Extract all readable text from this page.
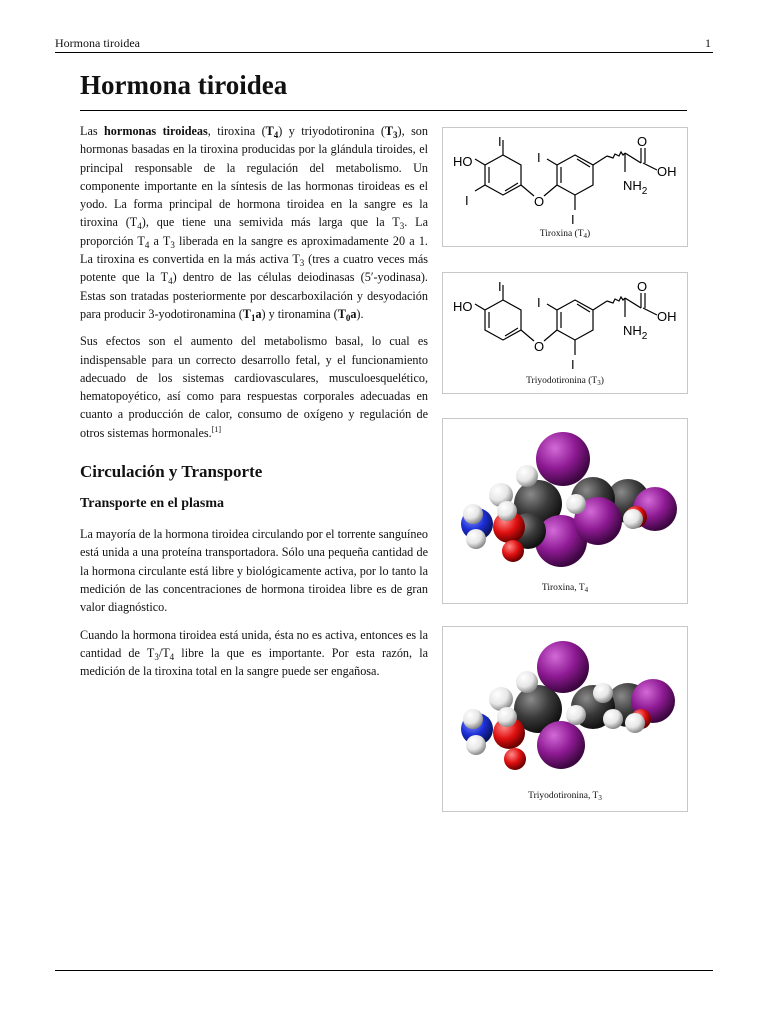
Hormona tiroidea	1
Hormona tiroidea

Las hormonas tiroideas, tiroxina $(T_4)$ y triyodotironina $(T_3)$, son hormonas basadas en la tiroxina producidas por la glándula tiroides, el principal responsable de la regulación del metabolismo. Un componente importante en la síntesis de las hormonas tiroideas es el yodo. La forma principal de hormona tiroidea en la sangre es la tiroxina $(T_4)$, que tiene una semivida más larga que la $T_3$. La proporción $T_4$ a $T_3$ liberada en la sangre es aproximadamente 20 a 1. La tiroxina es convertida en la más activa $T_3$ (tres a cuatro veces más potente que la $T_4$) dentro de las células deiodinasas (5′-yodinasa). Estas son tratadas posteriormente por descarboxilación y desyodación para producir 3-yodotironamina $(T_1a)$ y tironamina $(T_0a)$.

Sus efectos son el aumento del metabolismo basal, lo cual es indispensable para un correcto desarrollo fetal, y el funcionamiento adecuado de los sistemas cardiovasculares, musculoesquelético, hematopoyético, así como para respuestas corporales adecuadas en cuanto a producción de calor, consumo de oxígeno y regulación de otros sistemas hormonales.[1]

Circulación y Transporte
Transporte en el plasma

La mayoría de la hormona tiroidea circulando por el torrente sanguíneo está unida a una proteína transportadora. Sólo una pequeña cantidad de la hormona circulante está libre y biológicamente activa, por lo tanto la medición de las concentraciones de hormona tiroidea libre es de gran valor diagnóstico.

Cuando la hormona tiroidea está unida, ésta no es activa, entonces es la cantidad de $T_3/T_4$ libre la que es importante. Por esta razón, la medición de la tiroxina total en la sangre puede ser engañosa.

I
HO
I	O
I
I
O
OH
$NH_2$
Tiroxina $(T_4)$
I
HO
O
I
I
O
OH
$NH_2$
Triyodotironina $(T_3)$
Tiroxina, $T_4$
Triyodotironina, $T_3$
